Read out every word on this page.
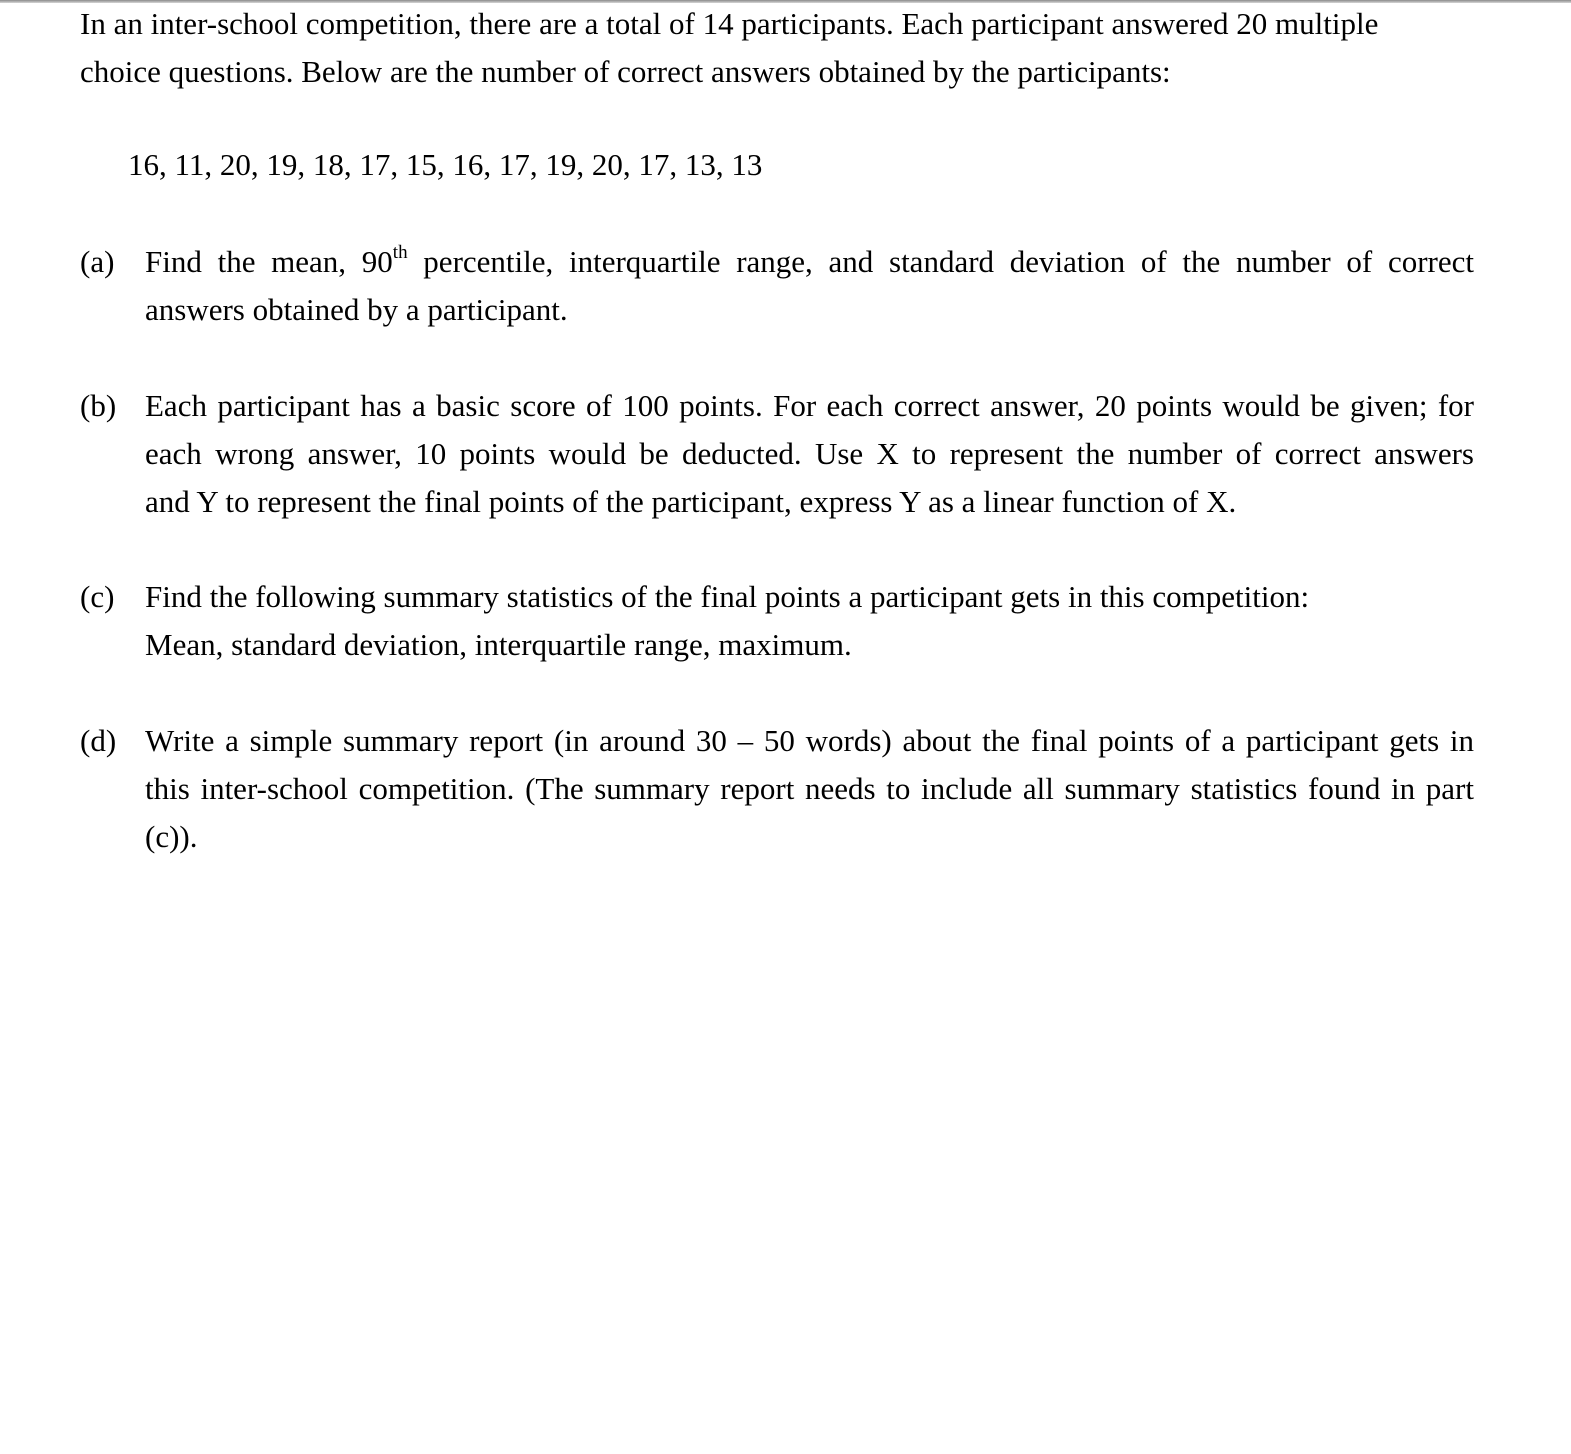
In an inter-school competition, there are a total of 14 participants. Each participant answered 20 multiple
choice questions. Below are the number of correct answers obtained by the participants:
16, 11, 20, 19, 18, 17, 15, 16, 17, 19, 20, 17, 13, 13
(a) Find the mean, 90th percentile, interquartile range, and standard deviation of the number of correct
answers obtained by a participant.
(b) Each participant has a basic score of 100 points. For each correct answer, 20 points would be given; for
each wrong answer, 10 points would be deducted. Use X to represent the number of correct answers
and Y to represent the final points of the participant, express Y as a linear function of X.
(c) Find the following summary statistics of the final points a participant gets in this competition:
Mean, standard deviation, interquartile range, maximum.
(d) Write a simple summary report (in around 30 – 50 words) about the final points of a participant gets in
this inter-school competition. (The summary report needs to include all summary statistics found in part
(c)).
